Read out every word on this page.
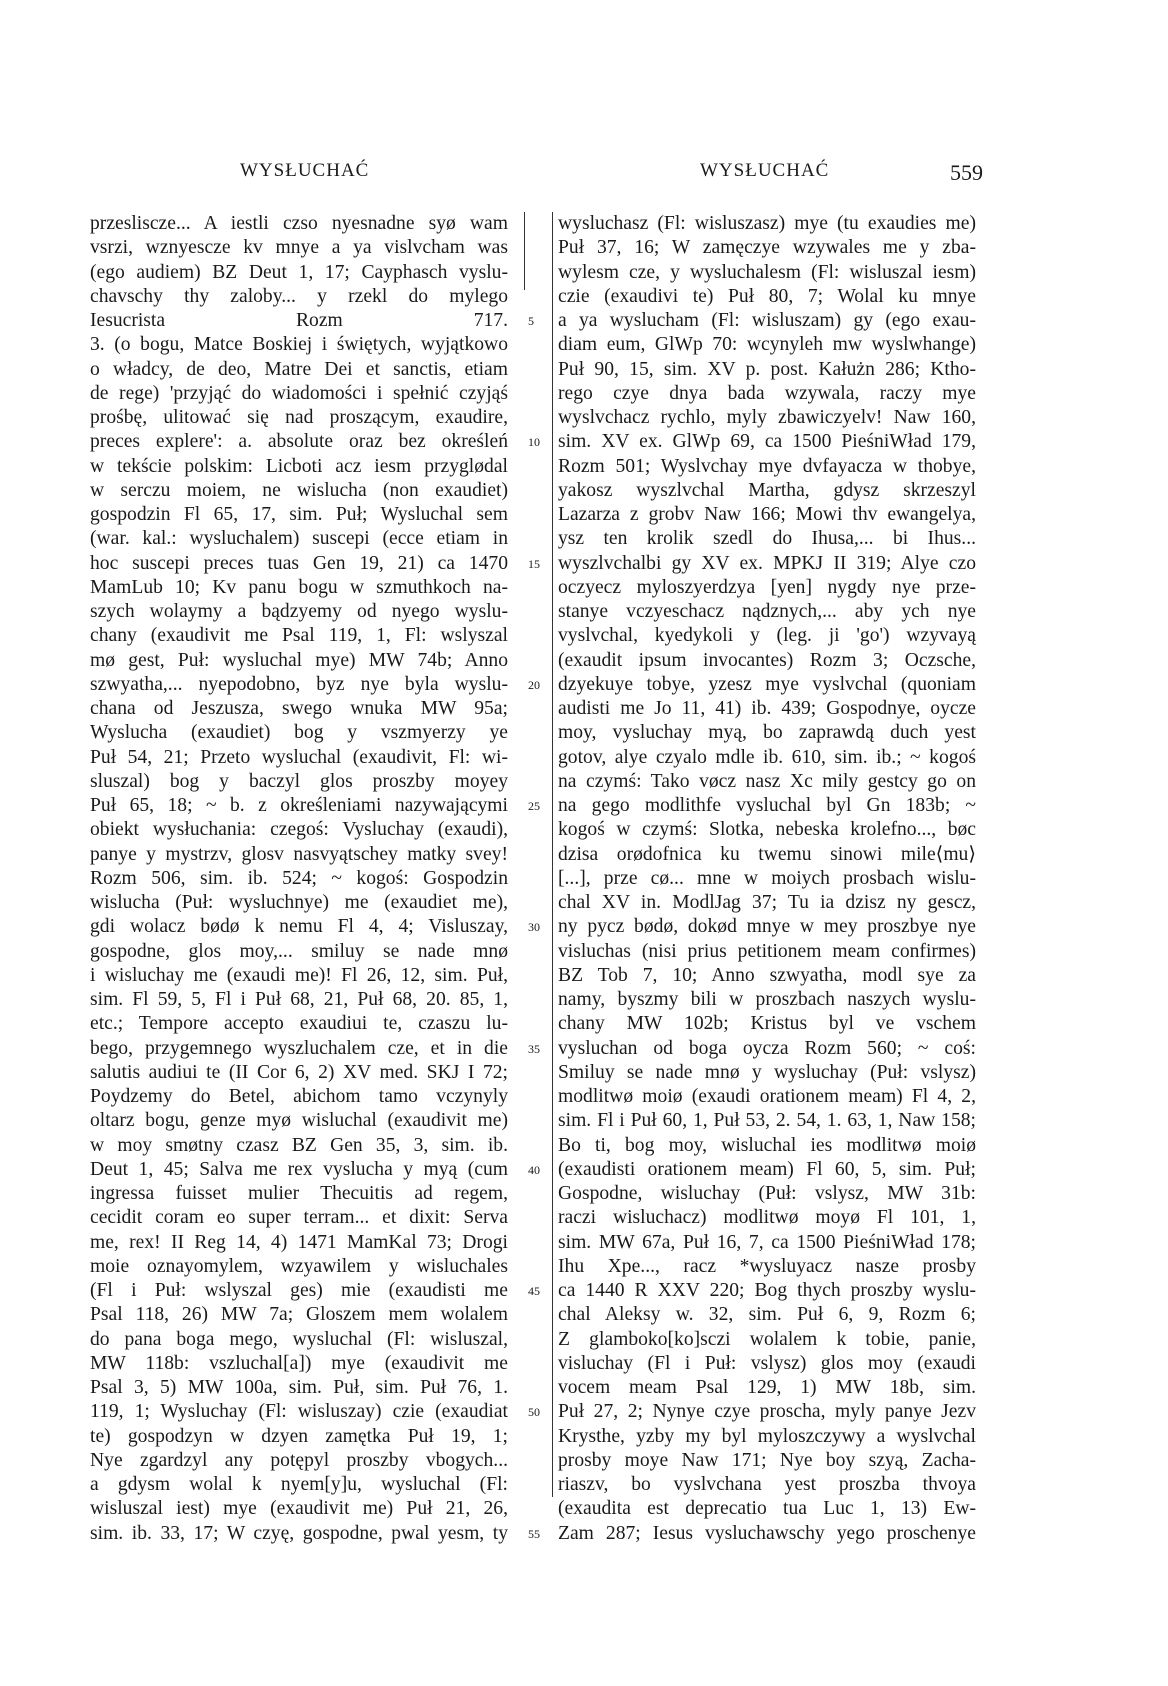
WYSŁUCHAĆ	WYSŁUCHAĆ	559
przesliscze... A iestli czso nyesnadne syø wam
vsrzi, wznyescze kv mnye a ya vislvcham was
(ego audiem) BZ Deut 1, 17; Cayphasch vyslu-
chavschy thy zaloby... y rzekl do mylego
Iesucrista Rozm 717.
3. (o bogu, Matce Boskiej i świętych, wyjątkowo
o władcy, de deo, Matre Dei et sanctis, etiam
de rege) 'przyjąć do wiadomości i spełnić czyjąś
prośbę, ulitować się nad proszącym, exaudire,
preces explere': a. absolute oraz bez określeń
w tekście polskim: Licboti acz iesm przyglødal
w serczu moiem, ne wislucha (non exaudiet)
gospodzin Fl 65, 17, sim. Puł; Wysluchal sem
(war. kal.: wysluchalem) suscepi (ecce etiam in
hoc suscepi preces tuas Gen 19, 21) ca 1470
MamLub 10; Kv panu bogu w szmuthkoch na-
szych wolaymy a bądzyemy od nyego wyslu-
chany (exaudivit me Psal 119, 1, Fl: wslyszal
mø gest, Puł: wysluchal mye) MW 74b; Anno
szwyatha,... nyepodobno, byz nye byla wyslu-
chana od Jeszusza, swego wnuka MW 95a;
Wyslucha (exaudiet) bog y vszmyerzy ye
Puł 54, 21; Przeto wysluchal (exaudivit, Fl: wi-
sluszal) bog y baczyl glos proszby moyey
Puł 65, 18; ~ b. z określeniami nazywającymi
obiekt wysłuchania: czegoś: Vysluchay (exaudi),
panye y mystrzv, glosv nasvyątschey matky svey!
Rozm 506, sim. ib. 524; ~ kogoś: Gospodzin
wislucha (Puł: wysluchnye) me (exaudiet me),
gdi wolacz bødø k nemu Fl 4, 4; Visluszay,
gospodne, glos moy,... smiluy se nade mnø
i wisluchay me (exaudi me)! Fl 26, 12, sim. Puł,
sim. Fl 59, 5, Fl i Puł 68, 21, Puł 68, 20. 85, 1,
etc.; Tempore accepto exaudiui te, czaszu lu-
bego, przygemnego wyszluchalem cze, et in die
salutis audiui te (II Cor 6, 2) XV med. SKJ I 72;
Poydzemy do Betel, abichom tamo vczynyly
oltarz bogu, genze myø wisluchal (exaudivit me)
w moy smøtny czasz BZ Gen 35, 3, sim. ib.
Deut 1, 45; Salva me rex vyslucha y myą (cum
ingressa fuisset mulier Thecuitis ad regem,
cecidit coram eo super terram... et dixit: Serva
me, rex! II Reg 14, 4) 1471 MamKal 73; Drogi
moie oznayomylem, wzyawilem y wisluchales
(Fl i Puł: wslyszal ges) mie (exaudisti me
Psal 118, 26) MW 7a; Gloszem mem wolalem
do pana boga mego, wysluchal (Fl: wisluszal,
MW 118b: vszluchal[a]) mye (exaudivit me
Psal 3, 5) MW 100a, sim. Puł, sim. Puł 76, 1.
119, 1; Wysluchay (Fl: wisluszay) czie (exaudiat
te) gospodzyn w dzyen zamętka Puł 19, 1;
Nye zgardzyl any potępyl proszby vbogych...
a gdysm wolal k nyem[y]u, wysluchal (Fl:
wisluszal iest) mye (exaudivit me) Puł 21, 26,
sim. ib. 33, 17; W czyę, gospodne, pwal yesm, ty
wysluchasz (Fl: wisluszasz) mye (tu exaudies me)
Puł 37, 16; W zamęczye wzywales me y zba-
wylesm cze, y wysluchalesm (Fl: wisluszal iesm)
czie (exaudivi te) Puł 80, 7; Wolal ku mnye
a ya wyslucham (Fl: wisluszam) gy (ego exau-
diam eum, GlWp 70: wcynyleh mw wyslwhange)
Puł 90, 15, sim. XV p. post. Kałużn 286; Ktho-
rego czye dnya bada wzywala, raczy mye
wyslvchacz rychlo, myly zbawiczyelv! Naw 160,
sim. XV ex. GlWp 69, ca 1500 PieśniWład 179,
Rozm 501; Wyslvchay mye dvfayacza w thobye,
yakosz wyszlvchal Martha, gdysz skrzeszyl
Lazarza z grobv Naw 166; Mowi thv ewangelya,
ysz ten krolik szedl do Ihusa,... bi Ihus...
wyszlvchalbi gy XV ex. MPKJ II 319; Alye czo
oczyecz myloszyerdzya [yen] nygdy nye prze-
stanye vczyeschacz nądznych,... aby ych nye
vyslvchal, kyedykoli y (leg. ji 'go') wzyvayą
(exaudit ipsum invocantes) Rozm 3; Oczsche,
dzyekuye tobye, yzesz mye vyslvchal (quoniam
audisti me Jo 11, 41) ib. 439; Gospodnye, oycze
moy, vysluchay myą, bo zaprawdą duch yest
gotov, alye czyalo mdle ib. 610, sim. ib.; ~ kogoś
na czymś: Tako vøcz nasz Xc mily gestcy go on
na gego modlithfe vysluchal byl Gn 183b; ~
kogoś w czymś: Slotka, nebeska krolefno..., bøc
dzisa orødofnica ku twemu sinowi mile⟨mu⟩
[...], prze cø... mne w moiych prosbach wislu-
chal XV in. ModlJag 37; Tu ia dzisz ny gescz,
ny pycz bødø, dokød mnye w mey proszbye nye
visluchas (nisi prius petitionem meam confirmes)
BZ Tob 7, 10; Anno szwyatha, modl sye za
namy, byszmy bili w proszbach naszych wyslu-
chany MW 102b; Kristus byl ve vschem
vysluchan od boga oycza Rozm 560; ~ coś:
Smiluy se nade mnø y wysluchay (Puł: vslysz)
modlitwø moiø (exaudi orationem meam) Fl 4, 2,
sim. Fl i Puł 60, 1, Puł 53, 2. 54, 1. 63, 1, Naw 158;
Bo ti, bog moy, wisluchal ies modlitwø moiø
(exaudisti orationem meam) Fl 60, 5, sim. Puł;
Gospodne, wisluchay (Puł: vslysz, MW 31b:
raczi wisluchacz) modlitwø moyø Fl 101, 1,
sim. MW 67a, Puł 16, 7, ca 1500 PieśniWład 178;
Ihu Xpe..., racz *wysluyacz nasze prosby
ca 1440 R XXV 220; Bog thych proszby wyslu-
chal Aleksy w. 32, sim. Puł 6, 9, Rozm 6;
Z glamboko[ko]sczi wolalem k tobie, panie,
visluchay (Fl i Puł: vslysz) glos moy (exaudi
vocem meam Psal 129, 1) MW 18b, sim.
Puł 27, 2; Nynye czye proscha, myly panye Jezv
Krysthe, yzby my byl myloszczywy a wyslvchal
prosby moye Naw 171; Nye boy szyą, Zacha-
riaszv, bo vyslvchana yest proszba thvoya
(exaudita est deprecatio tua Luc 1, 13) Ew-
Zam 287; Iesus vysluchawschy yego proschenye
5
10
15
20
25
30
35
40
45
50
55
